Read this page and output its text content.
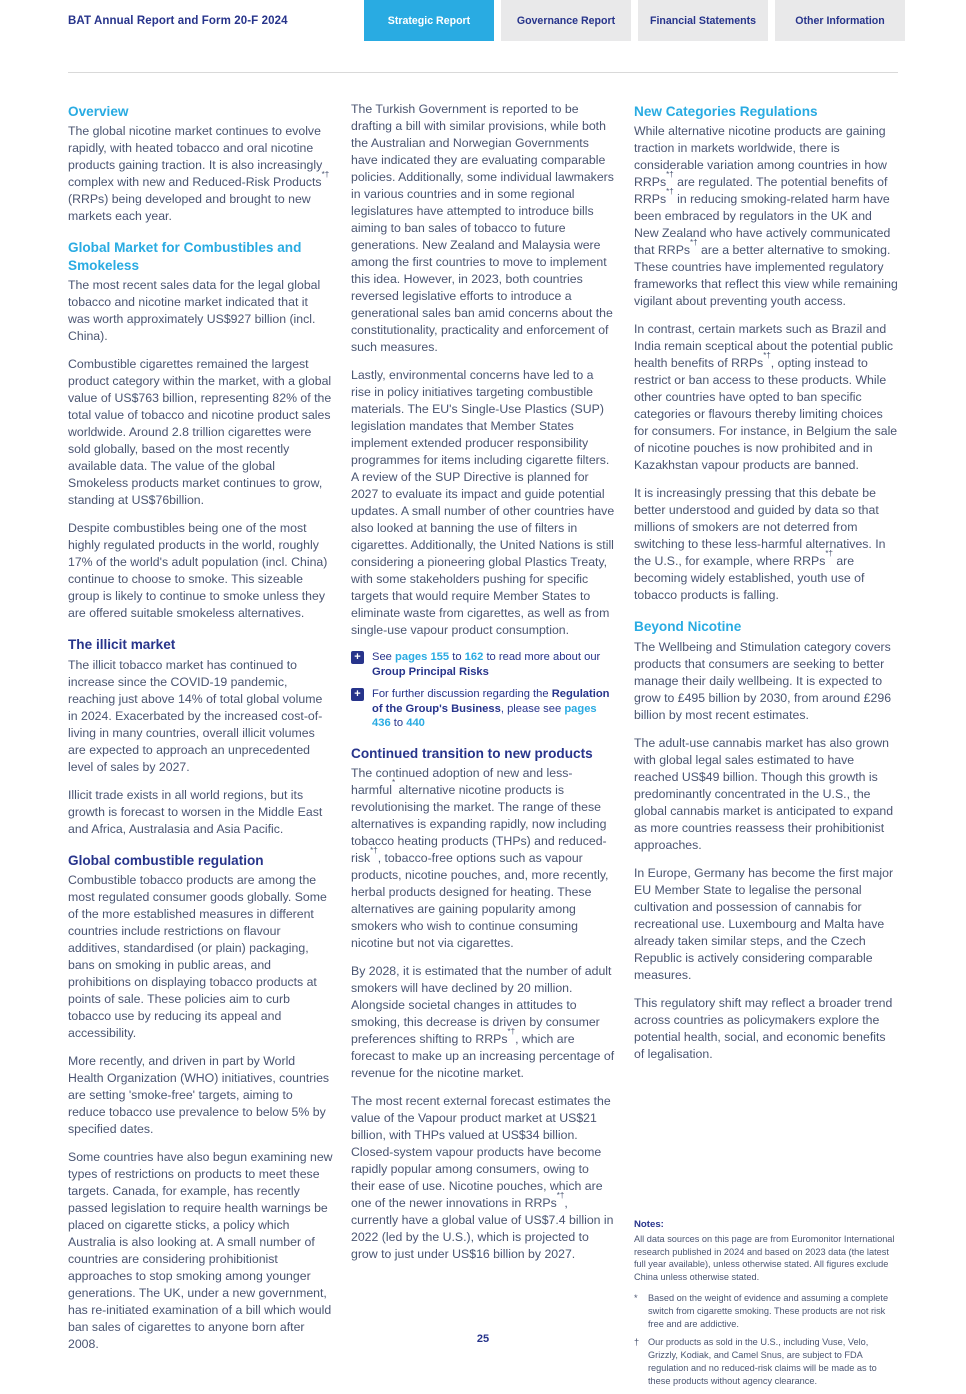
BAT Annual Report and Form 20-F 2024	Strategic Report	Governance Report	Financial Statements	Other Information
Overview

The global nicotine market continues to evolve rapidly, with heated tobacco and oral nicotine products gaining traction. It is also increasingly complex with new and Reduced-Risk Products*† (RRPs) being developed and brought to new markets each year.

Global Market for Combustibles and Smokeless

The most recent sales data for the legal global tobacco and nicotine market indicated that it was worth approximately US$927 billion (incl. China).

Combustible cigarettes remained the largest product category within the market, with a global value of US$763 billion, representing 82% of the total value of tobacco and nicotine product sales worldwide. Around 2.8 trillion cigarettes were sold globally, based on the most recently available data. The value of the global Smokeless products market continues to grow, standing at US$76billion.

Despite combustibles being one of the most highly regulated products in the world, roughly 17% of the world's adult population (incl. China) continue to choose to smoke. This sizeable group is likely to continue to smoke unless they are offered suitable smokeless alternatives.

The illicit market

The illicit tobacco market has continued to increase since the COVID-19 pandemic, reaching just above 14% of total global volume in 2024. Exacerbated by the increased cost-of-living in many countries, overall illicit volumes are expected to approach an unprecedented level of sales by 2027.

Illicit trade exists in all world regions, but its growth is forecast to worsen in the Middle East and Africa, Australasia and Asia Pacific.

Global combustible regulation

Combustible tobacco products are among the most regulated consumer goods globally. Some of the more established measures in different countries include restrictions on flavour additives, standardised (or plain) packaging, bans on smoking in public areas, and prohibitions on displaying tobacco products at points of sale. These policies aim to curb tobacco use by reducing its appeal and accessibility.

More recently, and driven in part by World Health Organization (WHO) initiatives, countries are setting 'smoke-free' targets, aiming to reduce tobacco use prevalence to below 5% by specified dates.

Some countries have also begun examining new types of restrictions on products to meet these targets. Canada, for example, has recently passed legislation to require health warnings be placed on cigarette sticks, a policy which Australia is also looking at. A small number of countries are considering prohibitionist approaches to stop smoking among younger generations. The UK, under a new government, has re-initiated examination of a bill which would ban sales of cigarettes to anyone born after 2008.

The Turkish Government is reported to be drafting a bill with similar provisions, while both the Australian and Norwegian Governments have indicated they are evaluating comparable policies. Additionally, some individual lawmakers in various countries and in some regional legislatures have attempted to introduce bills aiming to ban sales of tobacco to future generations. New Zealand and Malaysia were among the first countries to move to implement this idea. However, in 2023, both countries reversed legislative efforts to introduce a generational sales ban amid concerns about the constitutionality, practicality and enforcement of such measures.

Lastly, environmental concerns have led to a rise in policy initiatives targeting combustible materials. The EU's Single-Use Plastics (SUP) legislation mandates that Member States implement extended producer responsibility programmes for items including cigarette filters. A review of the SUP Directive is planned for 2027 to evaluate its impact and guide potential updates. A small number of other countries have also looked at banning the use of filters in cigarettes. Additionally, the United Nations is still considering a pioneering global Plastics Treaty, with some stakeholders pushing for specific targets that would require Member States to eliminate waste from cigarettes, as well as from single-use vapour product consumption.

+ See pages 155 to 162 to read more about our Group Principal Risks
+ For further discussion regarding the Regulation of the Group's Business, please see pages 436 to 440
Continued transition to new products

The continued adoption of new and less-harmful* alternative nicotine products is revolutionising the market. The range of these alternatives is expanding rapidly, now including tobacco heating products (THPs) and reduced-risk*†, tobacco-free options such as vapour products, nicotine pouches, and, more recently, herbal products designed for heating. These alternatives are gaining popularity among smokers who wish to continue consuming nicotine but not via cigarettes.

By 2028, it is estimated that the number of adult smokers will have declined by 20 million. Alongside societal changes in attitudes to smoking, this decrease is driven by consumer preferences shifting to RRPs*†, which are forecast to make up an increasing percentage of revenue for the nicotine market.

The most recent external forecast estimates the value of the Vapour product market at US$21 billion, with THPs valued at US$34 billion. Closed-system vapour products have become rapidly popular among consumers, owing to their ease of use. Nicotine pouches, which are one of the newer innovations in RRPs*†, currently have a global value of US$7.4 billion in 2022 (led by the U.S.), which is projected to grow to just under US$16 billion by 2027.

New Categories Regulations

While alternative nicotine products are gaining traction in markets worldwide, there is considerable variation among countries in how RRPs*† are regulated. The potential benefits of RRPs*† in reducing smoking-related harm have been embraced by regulators in the UK and New Zealand who have actively communicated that RRPs*† are a better alternative to smoking. These countries have implemented regulatory frameworks that reflect this view while remaining vigilant about preventing youth access.

In contrast, certain markets such as Brazil and India remain sceptical about the potential public health benefits of RRPs*†, opting instead to restrict or ban access to these products. While other countries have opted to ban specific categories or flavours thereby limiting choices for consumers. For instance, in Belgium the sale of nicotine pouches is now prohibited and in Kazakhstan vapour products are banned.

It is increasingly pressing that this debate be better understood and guided by data so that millions of smokers are not deterred from switching to these less-harmful alternatives. In the U.S., for example, where RRPs*† are becoming widely established, youth use of tobacco products is falling.

Beyond Nicotine

The Wellbeing and Stimulation category covers products that consumers are seeking to better manage their daily wellbeing. It is expected to grow to £495 billion by 2030, from around £296 billion by most recent estimates.

The adult-use cannabis market has also grown with global legal sales estimated to have reached US$49 billion. Though this growth is predominantly concentrated in the U.S., the global cannabis market is anticipated to expand as more countries reassess their prohibitionist approaches.

In Europe, Germany has become the first major EU Member State to legalise the personal cultivation and possession of cannabis for recreational use. Luxembourg and Malta have already taken similar steps, and the Czech Republic is actively considering comparable measures.

This regulatory shift may reflect a broader trend across countries as policymakers explore the potential health, social, and economic benefits of legalisation.

Notes:
All data sources on this page are from Euromonitor International research published in 2024 and based on 2023 data (the latest full year available), unless otherwise stated. All figures exclude China unless otherwise stated.
*	Based on the weight of evidence and assuming a complete switch from cigarette smoking. These products are not risk free and are addictive.
† Our products as sold in the U.S., including Vuse, Velo, Grizzly, Kodiak, and Camel Snus, are subject to FDA regulation and no reduced-risk claims will be made as to these products without agency clearance.
25
